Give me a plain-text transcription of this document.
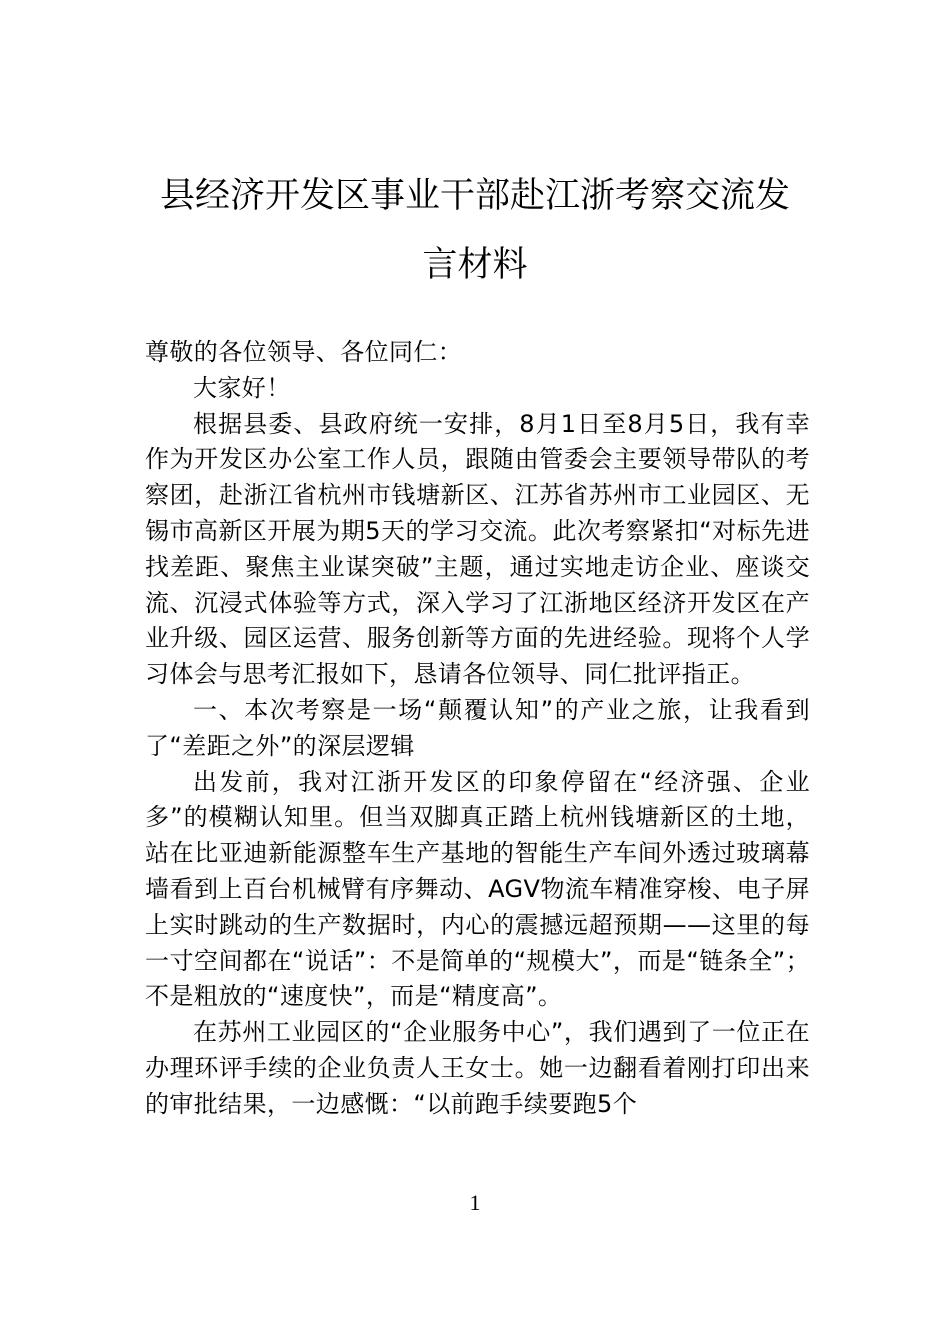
县经济开发区事业干部赴江浙考察交流发
言材料

尊敬的各位领导、各位同仁：

大家好！

根据县委、县政府统一安排，8月1日至8月5日，我有幸作为开发区办公室工作人员，跟随由管委会主要领导带队的考察团，赴浙江省杭州市钱塘新区、江苏省苏州市工业园区、无锡市高新区开展为期5天的学习交流。此次考察紧扣“对标先进找差距、聚焦主业谋突破”主题，通过实地走访企业、座谈交流、沉浸式体验等方式，深入学习了江浙地区经济开发区在产业升级、园区运营、服务创新等方面的先进经验。现将个人学习体会与思考汇报如下，恳请各位领导、同仁批评指正。

一、本次考察是一场“颠覆认知”的产业之旅，让我看到了“差距之外”的深层逻辑

出发前，我对江浙开发区的印象停留在“经济强、企业多”的模糊认知里。但当双脚真正踏上杭州钱塘新区的土地，站在比亚迪新能源整车生产基地的智能生产车间外透过玻璃幕墙看到上百台机械臂有序舞动、AGV物流车精准穿梭、电子屏上实时跳动的生产数据时，内心的震撼远超预期——这里的每一寸空间都在“说话”：不是简单的“规模大”，而是“链条全”；不是粗放的“速度快”，而是“精度高”。

在苏州工业园区的“企业服务中心”，我们遇到了一位正在办理环评手续的企业负责人王女士。她一边翻看着刚打印出来的审批结果，一边感慨：“以前跑手续要跑5个

1
